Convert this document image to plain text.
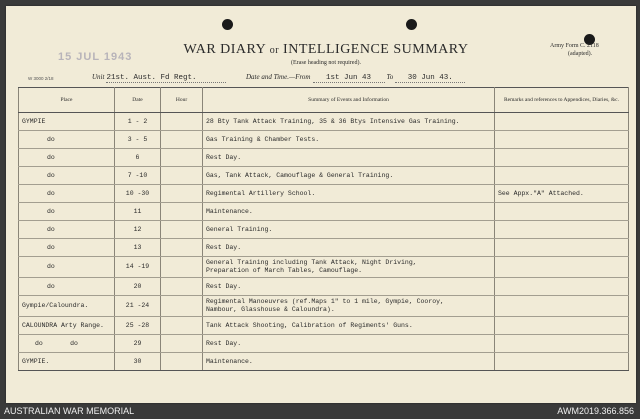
15 JUL 1943	WAR DIARY or INTELLIGENCE SUMMARY
(Erase heading not required).
Army Form C. 2118
(adapted).
W 3000 2/18	Unit 21st. Aust. Fd Regt.	Date and Time.—From 1st Jun 43 To 30 Jun 43.
Place	Date	Hour	Summary of Events and Information	Remarks and references to Appendices, Diaries, &c.
GYMPIE	1 - 2		28 Bty Tank Attack Training, 35 & 36 Btys Intensive Gas Training.	
do	3 - 5		Gas Training & Chamber Tests.	
do	6		Rest Day.	
do	7 -10		Gas, Tank Attack, Camouflage & General Training.	
do	10 -30		Regimental Artillery School.	See Appx."A" Attached.
do	11		Maintenance.	
do	12		General Training.	
do	13		Rest Day.	
do	14 -19		General Training including Tank Attack, Night Driving,
Preparation of March Tables, Camouflage.	

do	20		Rest Day.	
Gympie/Caloundra.	21 -24		Regimental Manoeuvres (ref.Maps 1" to 1 mile, Gympie, Cooroy,
Nambour, Glasshouse & Caloundra).	

CALOUNDRA Arty Range.	25 -28		Tank Attack Shooting, Calibration of Regiments' Guns.	
do       do	29		Rest Day.	
GYMPIE.	30		Maintenance.	
AUSTRALIAN WAR MEMORIAL	AWM2019.366.856
